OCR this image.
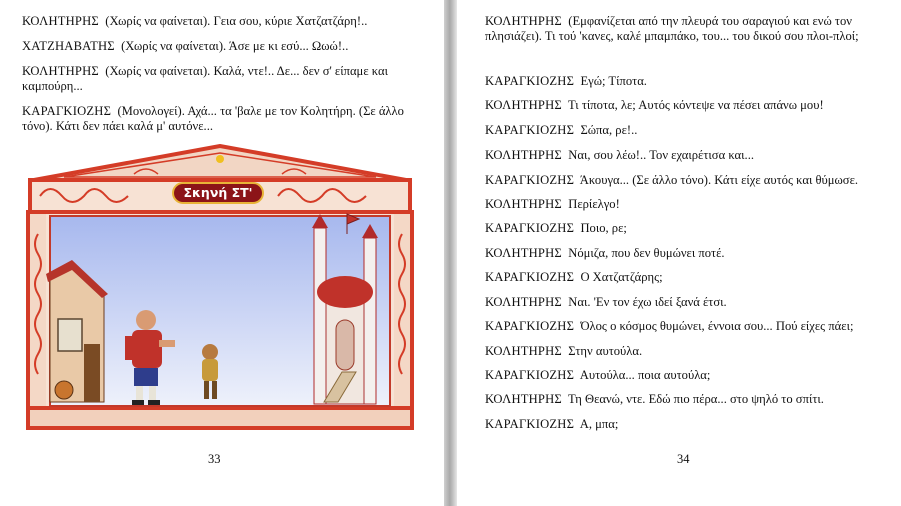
ΚΟΛΗΤΗΡΗΣ (Χωρίς να φαίνεται). Γεια σου, κύριε Χατζατζάρη!..
ΧΑΤΖΗΑΒΑΤΗΣ (Χωρίς να φαίνεται). Άσε με κι εσύ... Ωωώ!..
ΚΟΛΗΤΗΡΗΣ (Χωρίς να φαίνεται). Καλά, ντε!.. Δε... δεν σ' είπαμε και καμπούρη...
ΚΑΡΑΓΚΙΟΖΗΣ (Μονολογεί). Αχά... τα 'βαλε με τον Κολητήρη. (Σε άλλο τόνο). Κάτι δεν πάει καλά μ' αυτόνε...
Σκηνή ΣΤ'
33
ΚΟΛΗΤΗΡΗΣ (Εμφανίζεται από την πλευρά του σαραγιού και ενώ τον πλησιάζει). Τι τού 'κανες, καλέ μπαμπάκο, του... του δικού σου πλοι-πλοί;
ΚΑΡΑΓΚΙΟΖΗΣ Εγώ; Τίποτα.
ΚΟΛΗΤΗΡΗΣ Τι τίποτα, λε; Αυτός κόντεψε να πέσει απάνω μου!
ΚΑΡΑΓΚΙΟΖΗΣ Σώπα, ρε!..
ΚΟΛΗΤΗΡΗΣ Ναι, σου λέω!.. Τον εχαιρέτισα και...
ΚΑΡΑΓΚΙΟΖΗΣ Άκουγα... (Σε άλλο τόνο). Κάτι είχε αυτός και θύμωσε.
ΚΟΛΗΤΗΡΗΣ Περίελγο!
ΚΑΡΑΓΚΙΟΖΗΣ Ποιο, ρε;
ΚΟΛΗΤΗΡΗΣ Νόμιζα, που δεν θυμώνει ποτέ.
ΚΑΡΑΓΚΙΟΖΗΣ Ο Χατζατζάρης;
ΚΟΛΗΤΗΡΗΣ Ναι. 'Εν τον έχω ιδεί ξανά έτσι.
ΚΑΡΑΓΚΙΟΖΗΣ Όλος ο κόσμος θυμώνει, έννοια σου... Πού είχες πάει;
ΚΟΛΗΤΗΡΗΣ Στην αυτούλα.
ΚΑΡΑΓΚΙΟΖΗΣ Αυτούλα... ποια αυτούλα;
ΚΟΛΗΤΗΡΗΣ Τη Θεανώ, ντε. Εδώ πιο πέρα... στο ψηλό το σπίτι.
ΚΑΡΑΓΚΙΟΖΗΣ Α, μπα;
34
